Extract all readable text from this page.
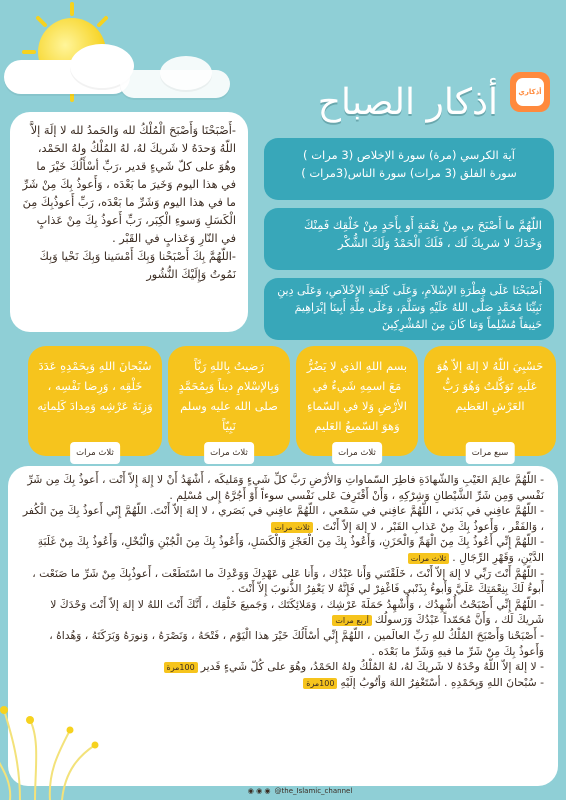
أذكاري
أذكار الصباح

-أَصْبَحْنَا وَأَصْبَحَ الْمُلْكُ لله وَالحَمدُ لله لا إلَهَ إلاَّ اللّهُ وَحدَهُ لا شَريكَ لهُ، لهُ المُلْكُ ولهُ الحَمْد، وهُوَ على كلّ شَيءٍ قدير ،رَبِّ أسْأَلُكَ خَيْرَ ما في هذا اليوم وَخَيرَ ما بَعْدَه ، وَأَعوذُ بِكَ مِنْ شَرِّ ما في هذا اليوم وَشَرِّ ما بَعْدَه، رَبِّ أَعوذُبِكَ مِنَ الْكَسَلِ وَسوءِ الْكِبَر، رَبِّ أَعوذُ بِكَ مِنْ عَذابٍ في النّارِ وَعَذابٍ في القَبْر .

-اللّهُمَّ بِكَ أَصْبَحْنا وَبِكَ أَمْسَينا وَبِكَ نَحْيا وَبِكَ نَمُوتُ وَإِلَيْكَ النُّشُور

آية الكرسي (مرة) سورة الإخلاص (3 مرات )
سورة الفلق (3 مرات) سورة الناس(3مرات )
اللّهُمَّ ما أَصْبَحَ بي مِنْ نِعْمَةٍ أَو بِأَحَدٍ مِنْ خَلْقِك فَمِنْكَ وَحْدَكَ لا شريكَ لَك ، فَلَكَ الْحَمْدُ وَلَكَ الشُّكْر
أَصْبَحْنَا عَلَى فِطْرَةِ الإسْلاَمِ، وَعَلَى كَلِمَةِ الإِخْلاَصِ، وَعَلَى دِينِ نَبِيِّنَا مُحَمَّدٍ صَلَّى اللهُ عَلَيْهِ وَسَلَّمَ، وَعَلَى مِلَّةِ أَبِينَا إبْرَاهِيمَ حَنِيفاً مُسْلِماً وَمَا كَانَ مِنَ المُشْرِكِينَ
حَسْبِيَ اللّهُ لا إلهَ إلاّ هُوَ عَلَيهِ تَوَكَّلتُ وَهُوَ رَبُّ العَرْشِ العَظيم
سبع مرات
بسم اللهِ الذي لا يَضُرُّ مَعَ اسمِهِ شَيءٌ في الأرْضِ وَلا في السّماءِ وَهوَ السّميعُ العَليم
ثلاث مرات
رَضيتُ بِاللهِ رَبَّاً وَبِالإسْلامِ ديناً وَبِمُحَمَّدٍ صلى الله عليه وسلم نَبِيّاً
ثلاث مرات
سُبْحانَ اللهِ وَبِحَمْدِهِ عَدَدَ خَلْقِه ، وَرِضا نَفْسِه ، وَزِنَةَ عَرْشِه وَمِدادَ كَلِماتِه
ثلاث مرات

- اللّهُمَّ عالِمَ الغَيْبِ وَالشّهادَةِ فاطِرَ السّماواتِ وَالأرْضِ رَبَّ كلِّ شَيءٍ وَمَليكَه ، أَشْهَدُ أَنْ لا إِلهَ إِلاّ أَنْت ، أَعوذُ بِكَ مِن شَرِّ نَفْسي وَمِن شَرِّ الشَّيْطانِ وَشِرْكِهِ ، وَأَنْ أَقْتَرِفَ عَلى نَفْسي سوءاً أَوْ أَجُرَّهُ إِلى مُسْلِم .

- اللّهُمَّ عافِني في بَدَني ، اللّهُمَّ عافِني في سَمْعي ، اللّهُمَّ عافِني في بَصَري ، لا إلهَ إلاّ أَنْتَ. اللّهُمَّ إِنّي أَعوذُ بِكَ مِنَ الْكُفر ، وَالفَقْر ، وَأَعوذُ بِكَ مِنْ عَذابِ القَبْر ، لا إلهَ إلاّ أَنْتَ .ثلاث مرات

- اللّهُمَّ إِنِّي أَعُوذُ بِكَ مِنَ الْهَمِّ وَالْحَزَنِ، وَأَعُوذُ بِكَ مِنَ الْعَجْزِ وَالْكَسَلِ، وَأَعُوذُ بِكَ مِنَ الْجُبْنِ وَالْبُخْلِ، وَأَعُوذُ بِكَ مِنْ غَلَبَةِ الدَّيْنِ، وَقَهْرِ الرِّجَالِ .ثلاث مرات

- اللّهُمَّ أَنْتَ رَبِّي لا إلهَ إلاّ أَنْتَ ، خَلَقْتَني وَأَنا عَبْدُك ، وَأَنا عَلى عَهْدِكَ وَوَعْدِكَ ما اسْتَطَعْت ، أَعوذُبِكَ مِنْ شَرِّ ما صَنَعْت ، أَبوءُ لَكَ بِنِعْمَتِكَ عَلَيَّ وَأَبوءُ بِذَنْبي فَاغْفِرْ لي فَإِنَّهُ لا يَغْفِرُ الذُّنوبَ إِلاّ أَنْتَ .

- اللّهُمَّ إِنِّي أَصْبَحْتُ أُشْهِدُك ، وَأُشْهِدُ حَمَلَةَ عَرْشِك ، وَمَلائِكَتَك ، وَجَميعَ خَلْقِك ، أَنَّكَ أَنْتَ اللهُ لا إلهَ إلاّ أَنْتَ وَحْدَكَ لا شَريكَ لَك ، وَأَنَّ مُحَمّداً عَبْدُكَ وَرَسولُكأربع مرات

- أَصْبَحْنا وَأَصْبَحَ المُلْكُ للهِ رَبِّ العالَمين ، اللّهُمَّ إِنِّي أسْأَلُكَ خَيْرَ هذا الْيَوْم ، فَتْحَهُ ، وَنَصْرَهُ ، وَنورَهُ وَبَرَكَتَهُ ، وَهُداهُ ، وَأَعوذُ بِكَ مِنْ شَرِّ ما فيهِ وَشَرِّ ما بَعْدَه .

- لا إلهَ إلاّ اللّهُ وحْدَهُ لا شَريكَ لهُ، لهُ المُلْكُ ولهُ الحَمْدُ، وهُوَ على كُلّ شَيءٍ قَدير100مرة

- سُبْحانَ اللهِ وَبِحَمْدِهِ . أسْتَغْفِرُ اللهَ وَأتُوبُ إلَيْهِ100مرة

◉ ◉ ◉ @the_Islamic_channel
